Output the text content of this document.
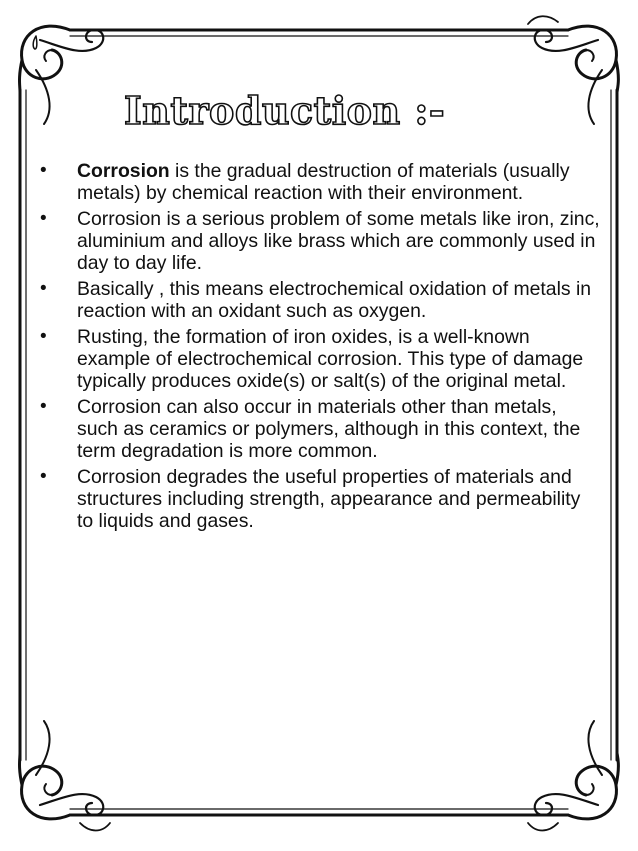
Introduction :-
• Corrosion is the gradual destruction of materials (usually metals) by chemical reaction with their environment.
• Corrosion is a serious problem of some metals like iron, zinc, aluminium and alloys like brass which are commonly used in day to day life.
• Basically , this means electrochemical oxidation of metals in reaction with an oxidant such as oxygen.
• Rusting, the formation of iron oxides, is a well-known example of electrochemical corrosion. This type of damage typically produces oxide(s) or salt(s) of the original metal.
• Corrosion can also occur in materials other than metals, such as ceramics or polymers, although in this context, the term degradation is more common.
• Corrosion degrades the useful properties of materials and structures including strength, appearance and permeability to liquids and gases.
